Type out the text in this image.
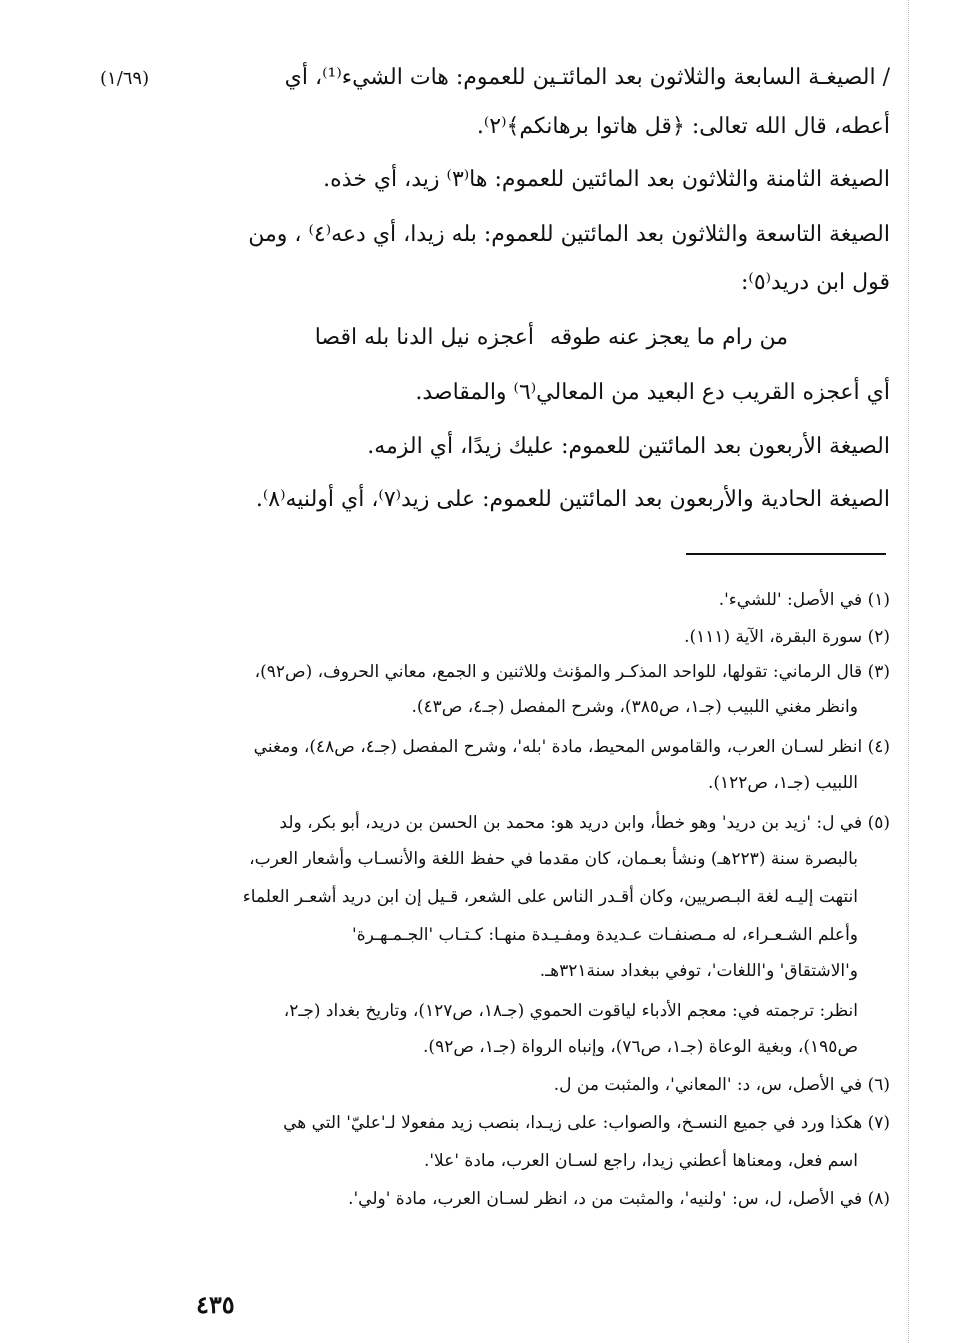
(١/٦٩)	/ الصيغـة السابعة والثلاثون بعد المائتـين للعموم: هات الشيء⁽¹⁾، أي
أعطه، قال الله تعالى: ﴿قل هاتوا برهانكم﴾⁽٢⁾.
الصيغة الثامنة والثلاثون بعد المائتين للعموم: ها⁽٣⁾ زيد، أي خذه.
الصيغة التاسعة والثلاثون بعد المائتين للعموم: بله زيدا، أي دعه⁽٤⁾ ، ومن
قول ابن دريد⁽٥⁾:
من رام ما يعجز عنه طوقه
أعجزه نيل الدنا بله اقصا
أي أعجزه القريب دع البعيد من المعالي⁽٦⁾ والمقاصد.
الصيغة الأربعون بعد المائتين للعموم: عليك زيدًا، أي الزمه.
الصيغة الحادية والأربعون بعد المائتين للعموم: على زيد⁽٧⁾، أي أولنيه⁽٨⁾.
(١) في الأصل: 'للشيء'.
(٢) سورة البقرة، الآية (١١١).
(٣) قال الرماني: تقولها، للواحد المذكـر والمؤنث وللاثنين و الجمع، معاني الحروف، (ص٩٢)،
وانظر مغني اللبيب (جـ١، ص٣٨٥)، وشرح المفصل (جـ٤، ص٤٣).
(٤) انظر لسـان العرب، والقاموس المحيط، مادة 'بله'، وشرح المفصل (جـ٤، ص٤٨)، ومغني
اللبيب (جـ١، ص١٢٢).
(٥) في ل: 'زيد بن دريد' وهو خطأ، وابن دريد هو: محمد بن الحسن بن دريد، أبو بكر، ولد
بالبصرة سنة (٢٢٣هـ) ونشأ بعـمان، كان مقدما في حفظ اللغة والأنسـاب وأشعار العرب،
انتهت إليـه لغة البـصريين، وكان أقـدر الناس على الشعر، قـيل إن ابن دريد أشعـر العلماء
وأعلم الشـعـراء، له مـصنفـات عـديدة ومفـيـدة منهـا: كـتـاب 'الجـمـهـرة'
و'الاشتقاق' و'اللغات'، توفي ببغداد سنة٣٢١هـ.
انظر: ترجمته في: معجم الأدباء لياقوت الحموي (جـ١٨، ص١٢٧)، وتاريخ بغداد (جـ٢،
ص١٩٥)، وبغية الوعاة (جـ١، ص٧٦)، وإنباه الرواة (جـ١، ص٩٢).
(٦) في الأصل، س، د: 'المعاني'، والمثبت من ل.
(٧) هكذا ورد في جميع النسـخ، والصواب: على زيـدا، بنصب زيد مفعولا لـ'عليّ' التي هي
اسم فعل، ومعناها أعطني زيدا، راجع لسـان العرب، مادة 'علا'.
(٨) في الأصل، ل، س: 'ولنيه'، والمثبت من د، انظر لسـان العرب، مادة 'ولي'.
٤٣٥
